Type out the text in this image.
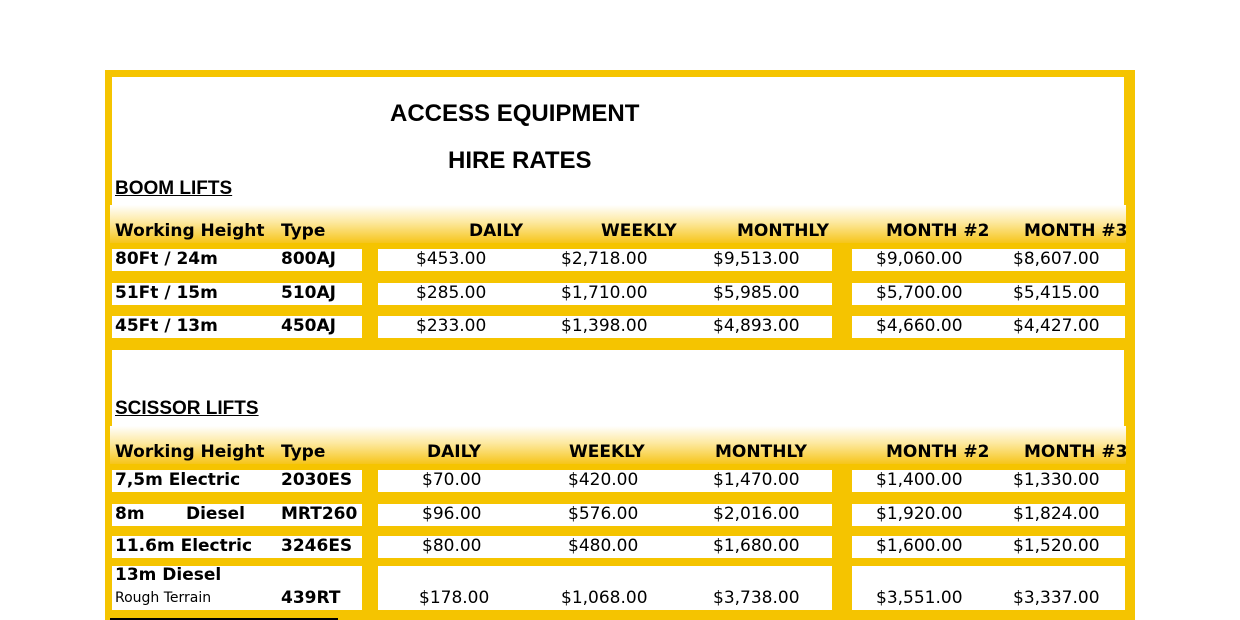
ACCESS EQUIPMENT
HIRE RATES
BOOM LIFTS
Working Height Type	DAILY	WEEKLY	MONTHLY	MONTH #2 MONTH #3
80Ft / 24m	800AJ	$453.00	$2,718.00	$9,513.00	$9,060.00	$8,607.00
51Ft / 15m	510AJ	$285.00	$1,710.00	$5,985.00	$5,700.00	$5,415.00
45Ft / 13m	450AJ	$233.00	$1,398.00	$4,893.00	$4,660.00	$4,427.00
SCISSOR LIFTS
Working Height Type	DAILY	WEEKLY	MONTHLY	MONTH #2 MONTH #3
7,5m Electric 2030ES	$70.00	$420.00	$1,470.00	$1,400.00	$1,330.00
8m       Diesel MRT260	$96.00	$576.00	$2,016.00	$1,920.00	$1,824.00
11.6m Electric 3246ES	$80.00	$480.00	$1,680.00	$1,600.00	$1,520.00
13m Diesel
Rough Terrain	439RT	$178.00	$1,068.00	$3,738.00	$3,551.00	$3,337.00
